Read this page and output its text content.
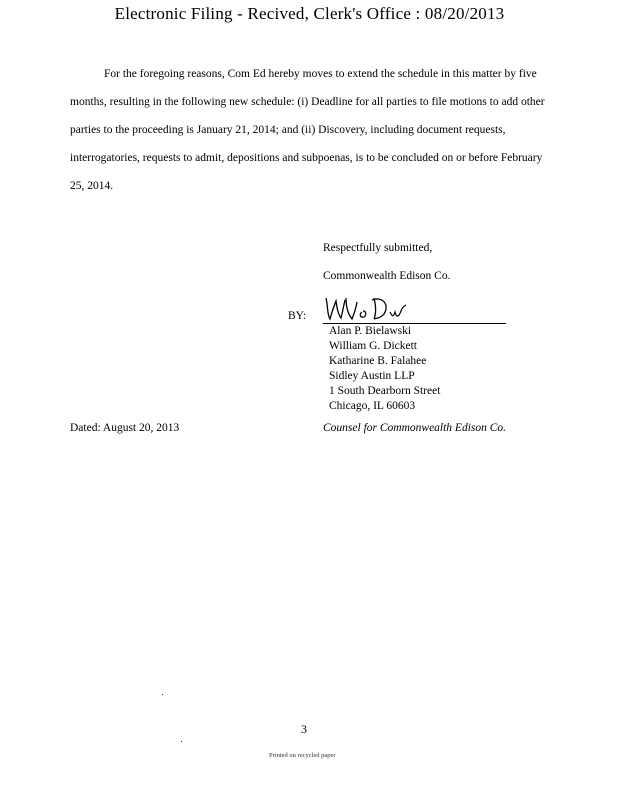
Electronic Filing - Recived, Clerk's Office : 08/20/2013

For the foregoing reasons, Com Ed hereby moves to extend the schedule in this matter by five months, resulting in the following new schedule: (i) Deadline for all parties to file motions to add other parties to the proceeding is January 21, 2014; and (ii) Discovery, including document requests, interrogatories, requests to admit, depositions and subpoenas, is to be concluded on or before February 25, 2014.

Respectfully submitted,
Commonwealth Edison Co.
BY:
Alan P. Bielawski
William G. Dickett
Katharine B. Falahee
Sidley Austin LLP
1 South Dearborn Street
Chicago, IL 60603
Dated: August 20, 2013	Counsel for Commonwealth Edison Co.
3
Printed on recycled paper
